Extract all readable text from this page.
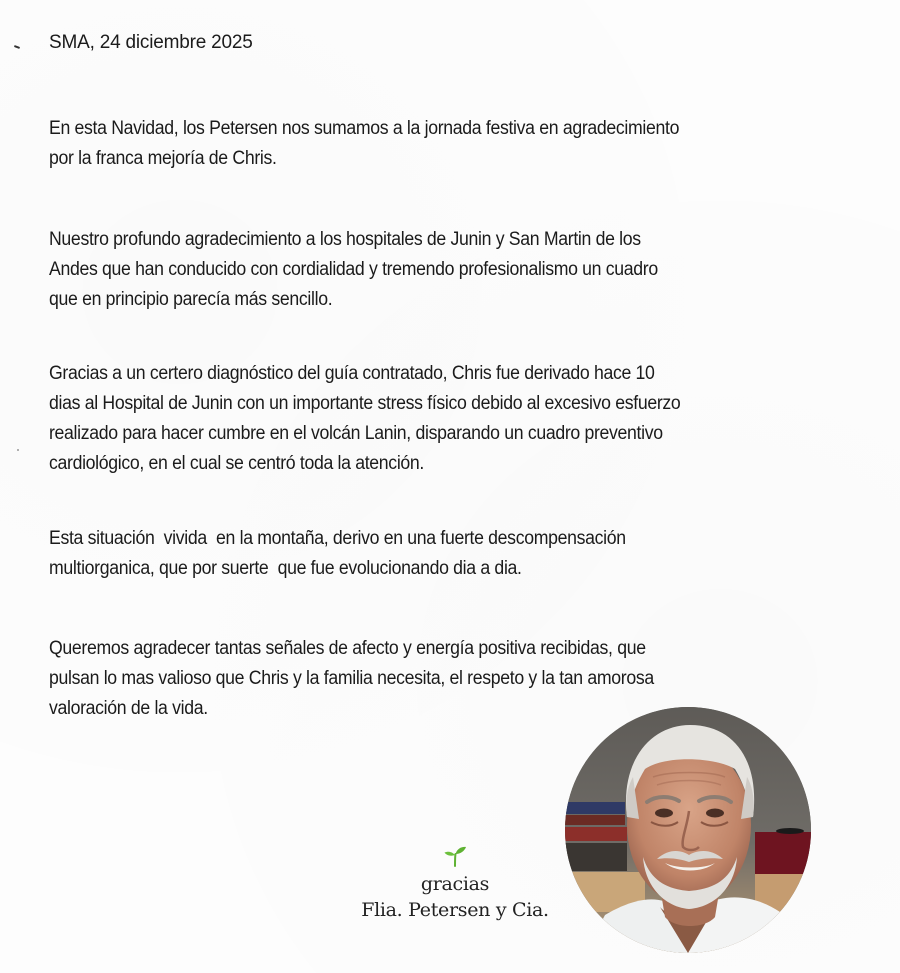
SMA, 24 diciembre 2025

En esta Navidad, los Petersen nos sumamos a la jornada festiva en agradecimiento
por la franca mejoría de Chris.

Nuestro profundo agradecimiento a los hospitales de Junin y San Martin de los
Andes que han conducido con cordialidad y tremendo profesionalismo un cuadro
que en principio parecía más sencillo.

Gracias a un certero diagnóstico del guía contratado, Chris fue derivado hace 10
dias al Hospital de Junin con un importante stress físico debido al excesivo esfuerzo
realizado para hacer cumbre en el volcán Lanin, disparando un cuadro preventivo
cardiológico, en el cual se centró toda la atención.

Esta situación  vivida  en la montaña, derivo en una fuerte descompensación
multiorganica, que por suerte  que fue evolucionando dia a dia.

Queremos agradecer tantas señales de afecto y energía positiva recibidas, que
pulsan lo mas valioso que Chris y la familia necesita, el respeto y la tan amorosa
valoración de la vida.

gracias
Flia. Petersen y Cia.
